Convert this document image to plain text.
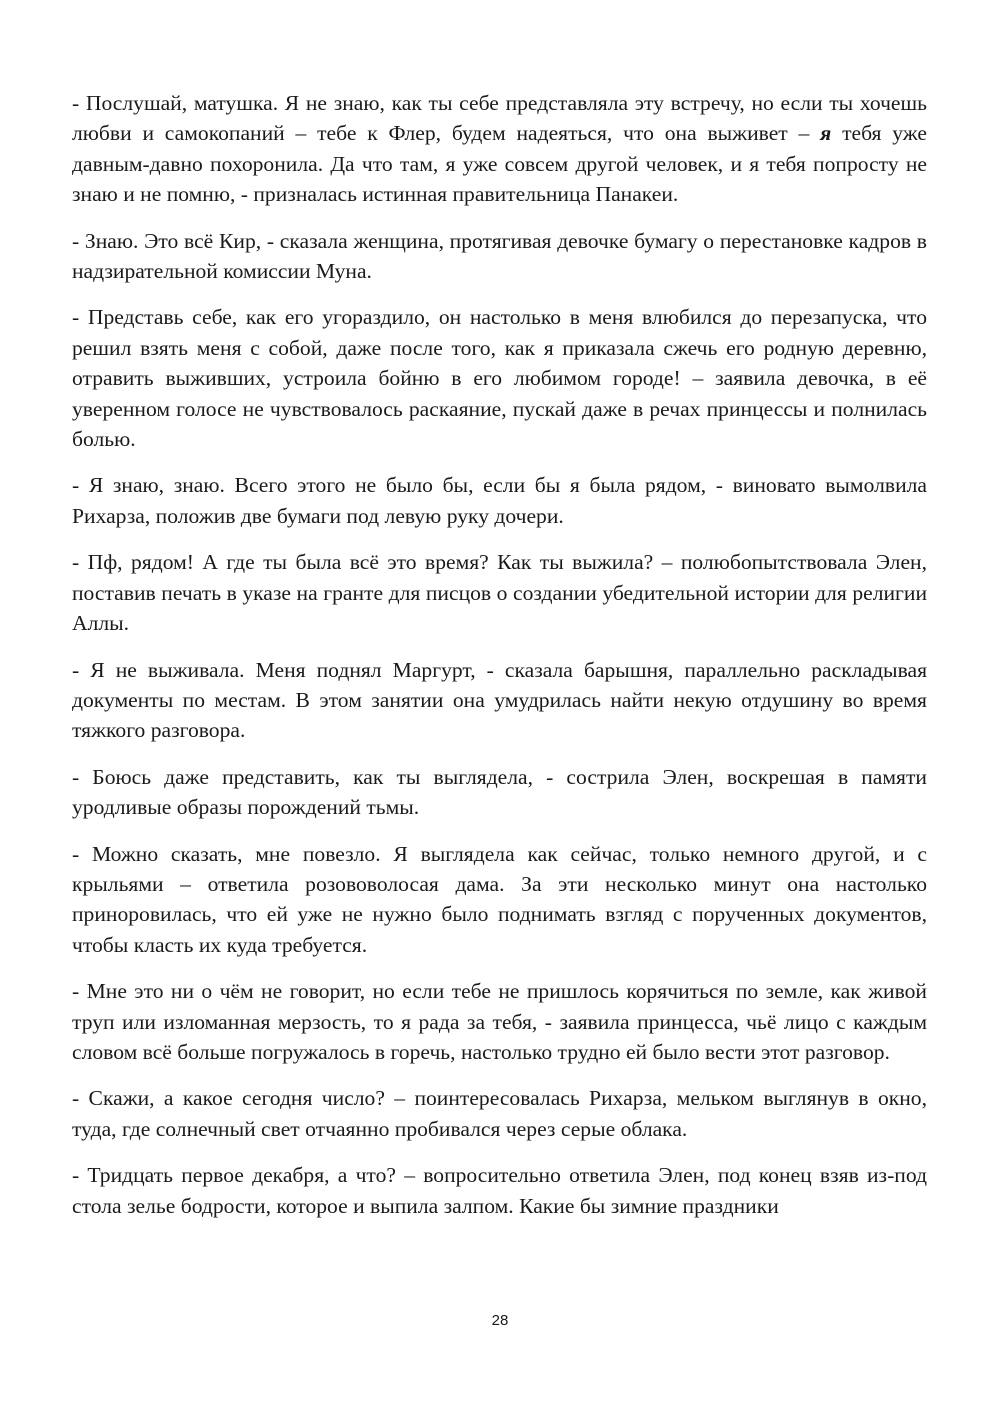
- Послушай, матушка. Я не знаю, как ты себе представляла эту встречу, но если ты хочешь любви и самокопаний – тебе к Флер, будем надеяться, что она выживет – я тебя уже давным-давно похоронила. Да что там, я уже совсем другой человек, и я тебя попросту не знаю и не помню, - призналась истинная правительница Панакеи.

- Знаю. Это всё Кир, - сказала женщина, протягивая девочке бумагу о перестановке кадров в надзирательной комиссии Муна.

- Представь себе, как его угораздило, он настолько в меня влюбился до перезапуска, что решил взять меня с собой, даже после того, как я приказала сжечь его родную деревню, отравить выживших, устроила бойню в его любимом городе! – заявила девочка, в её уверенном голосе не чувствовалось раскаяние, пускай даже в речах принцессы и полнилась болью.

- Я знаю, знаю. Всего этого не было бы, если бы я была рядом, - виновато вымолвила Рихарза, положив две бумаги под левую руку дочери.

- Пф, рядом! А где ты была всё это время? Как ты выжила? – полюбопытствовала Элен, поставив печать в указе на гранте для писцов о создании убедительной истории для религии Аллы.

- Я не выживала. Меня поднял Маргурт, - сказала барышня, параллельно раскладывая документы по местам. В этом занятии она умудрилась найти некую отдушину во время тяжкого разговора.

- Боюсь даже представить, как ты выглядела, - сострила Элен, воскрешая в памяти уродливые образы порождений тьмы.

- Можно сказать, мне повезло. Я выглядела как сейчас, только немного другой, и с крыльями – ответила розововолосая дама. За эти несколько минут она настолько приноровилась, что ей уже не нужно было поднимать взгляд с порученных документов, чтобы класть их куда требуется.

- Мне это ни о чём не говорит, но если тебе не пришлось корячиться по земле, как живой труп или изломанная мерзость, то я рада за тебя, - заявила принцесса, чьё лицо с каждым словом всё больше погружалось в горечь, настолько трудно ей было вести этот разговор.

- Скажи, а какое сегодня число? – поинтересовалась Рихарза, мельком выглянув в окно, туда, где солнечный свет отчаянно пробивался через серые облака.

- Тридцать первое декабря, а что? – вопросительно ответила Элен, под конец взяв из-под стола зелье бодрости, которое и выпила залпом. Какие бы зимние праздники

28
